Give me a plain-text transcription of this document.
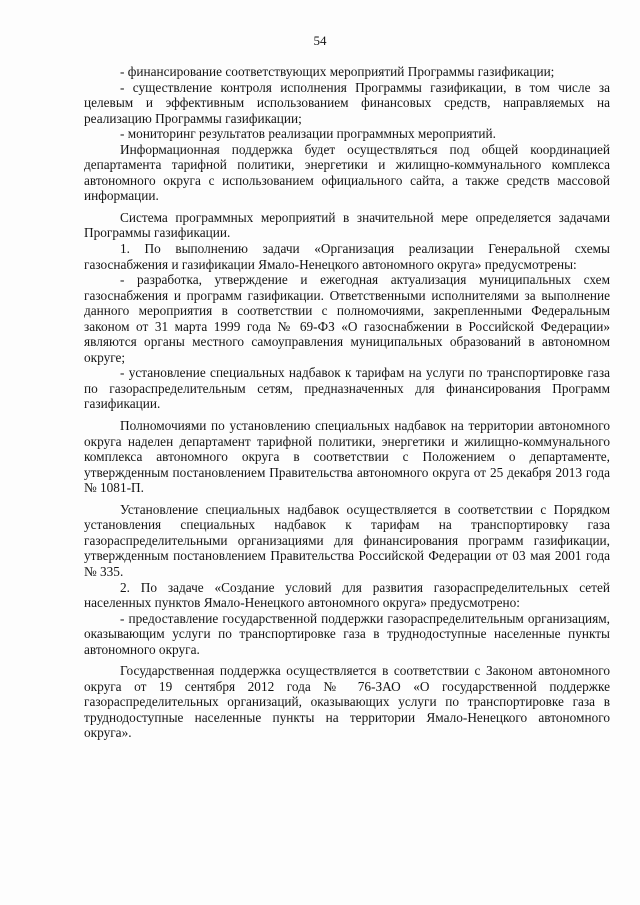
54

- финансирование соответствующих мероприятий Программы газификации;

- существление контроля исполнения Программы газификации, в том числе за целевым и эффективным использованием финансовых средств, направляемых на реализацию Программы газификации;

- мониторинг результатов реализации программных мероприятий.

Информационная поддержка будет осуществляться под общей координацией департамента тарифной политики, энергетики и жилищно-коммунального комплекса автономного округа с использованием официального сайта, а также средств массовой информации.

Система программных мероприятий в значительной мере определяется задачами Программы газификации.

1. По выполнению задачи «Организация реализации Генеральной схемы газоснабжения и газификации Ямало-Ненецкого автономного округа» предусмотрены:

- разработка, утверждение и ежегодная актуализация муниципальных схем газоснабжения и программ газификации. Ответственными исполнителями за выполнение данного мероприятия в соответствии с полномочиями, закрепленными Федеральным законом от 31 марта 1999 года № 69-ФЗ «О газоснабжении в Российской Федерации» являются органы местного самоуправления муниципальных образований в автономном округе;

- установление специальных надбавок к тарифам на услуги по транспортировке газа по газораспределительным сетям, предназначенных для финансирования Программ газификации.

Полномочиями по установлению специальных надбавок на территории автономного округа наделен департамент тарифной политики, энергетики и жилищно-коммунального комплекса автономного округа в соответствии с Положением о департаменте, утвержденным постановлением Правительства автономного округа от 25 декабря 2013 года № 1081-П.

Установление специальных надбавок осуществляется в соответствии с Порядком установления специальных надбавок к тарифам на транспортировку газа газораспределительными организациями для финансирования программ газификации, утвержденным постановлением Правительства Российской Федерации от 03 мая 2001 года № 335.

2. По задаче «Создание условий для развития газораспределительных сетей населенных пунктов Ямало-Ненецкого автономного округа» предусмотрено:

- предоставление государственной поддержки газораспределительным организациям, оказывающим услуги по транспортировке газа в труднодоступные населенные пункты автономного округа.

Государственная поддержка осуществляется в соответствии с Законом автономного округа от 19 сентября 2012 года № 76-ЗАО «О государственной поддержке газораспределительных организаций, оказывающих услуги по транспортировке газа в труднодоступные населенные пункты на территории Ямало-Ненецкого автономного округа».
